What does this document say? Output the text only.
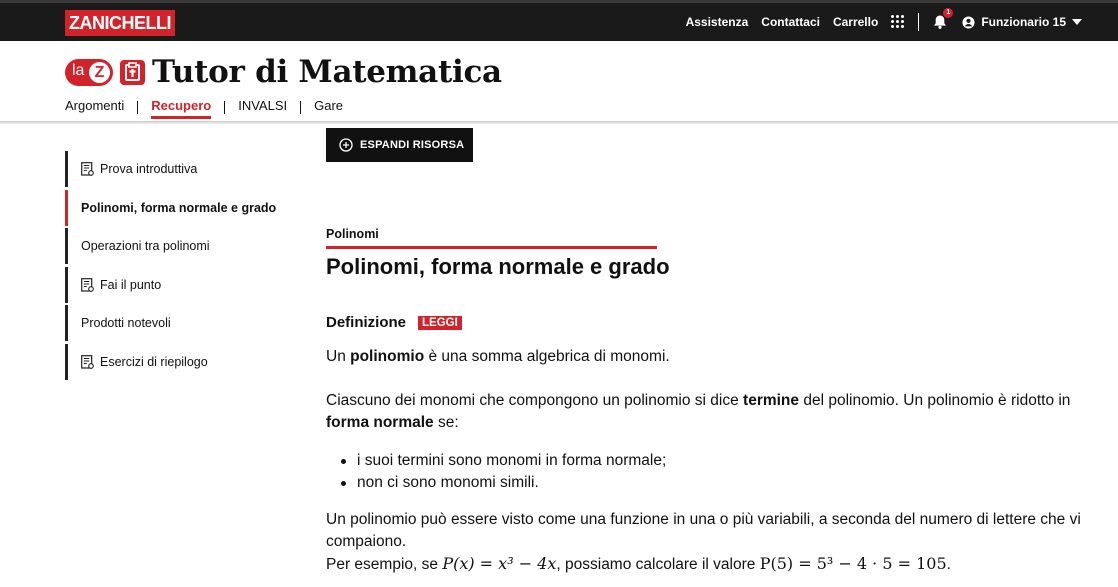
ZANICHELLI	Assistenza Contattaci Carrello
1
Funzionario 15
la Z Tutor di Matematica
Argomenti Recupero INVALSI Gare
Prova introduttiva
Polinomi, forma normale e grado
Operazioni tra polinomi
Fai il punto
Prodotti notevoli
Esercizi di riepilogo
ESPANDI RISORSA
Polinomi
Polinomi, forma normale e grado
Definizione	LEGGI

Un polinomio è una somma algebrica di monomi.

Ciascuno dei monomi che compongono un polinomio si dice termine del polinomio. Un polinomio è ridotto in forma normale se:

i suoi termini sono monomi in forma normale;
non ci sono monomi simili.

Un polinomio può essere visto come una funzione in una o più variabili, a seconda del numero di lettere che vi compaiono.

Per esempio, se P(x) = x³ − 4x, possiamo calcolare il valore P(5) = 5³ − 4 · 5 = 105.
